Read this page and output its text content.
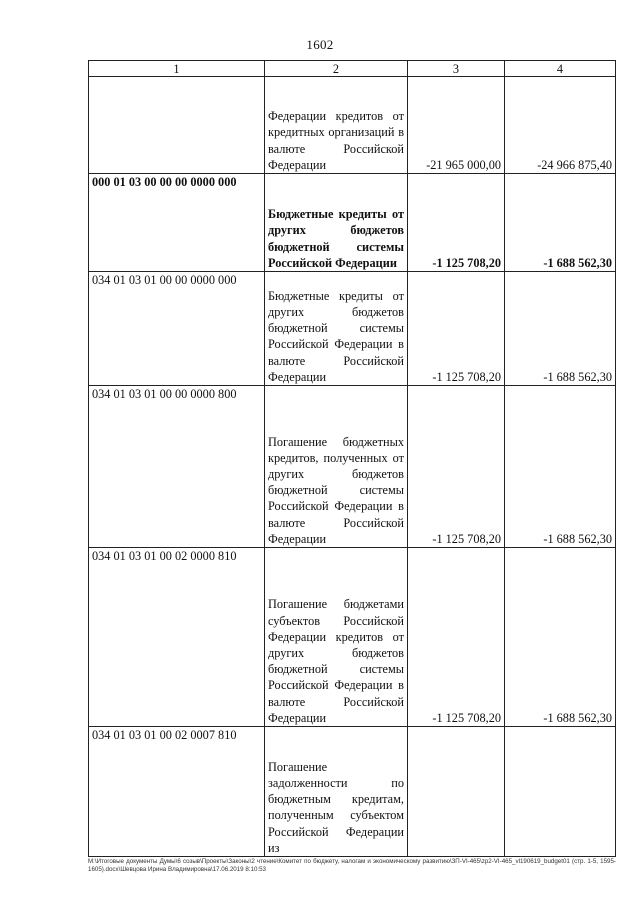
1602
1	2	3	4
	Федерации кредитов от кредитных организаций в валюте Российской Федерации	-21 965 000,00	-24 966 875,40
000 01 03 00 00 00 0000 000	Бюджетные кредиты от других бюджетов бюджетной системы Российской Федерации	-1 125 708,20	-1 688 562,30
034 01 03 01 00 00 0000 000	Бюджетные кредиты от других бюджетов бюджетной системы Российской Федерации в валюте Российской Федерации	-1 125 708,20	-1 688 562,30
034 01 03 01 00 00 0000 800	Погашение бюджетных кредитов, полученных от других бюджетов бюджетной системы Российской Федерации в валюте Российской Федерации	-1 125 708,20	-1 688 562,30
034 01 03 01 00 02 0000 810	Погашение бюджетами субъектов Российской Федерации кредитов от других бюджетов бюджетной системы Российской Федерации в валюте Российской Федерации	-1 125 708,20	-1 688 562,30
034 01 03 01 00 02 0007 810	Погашение задолженности по бюджетным кредитам, полученным субъектом Российской Федерации из		
M:\Итоговые документы Думы\6 созыв\Проекты\Законы\2 чтение\Комитет по бюджету, налогам и экономическому развитию\ЗП-VI-465\zp2-VI-465_vl190619_budget01 (стр. 1-5, 1595-1605).docx\Шевцова Ирина Владимировна\17.06.2019 8:10:53
